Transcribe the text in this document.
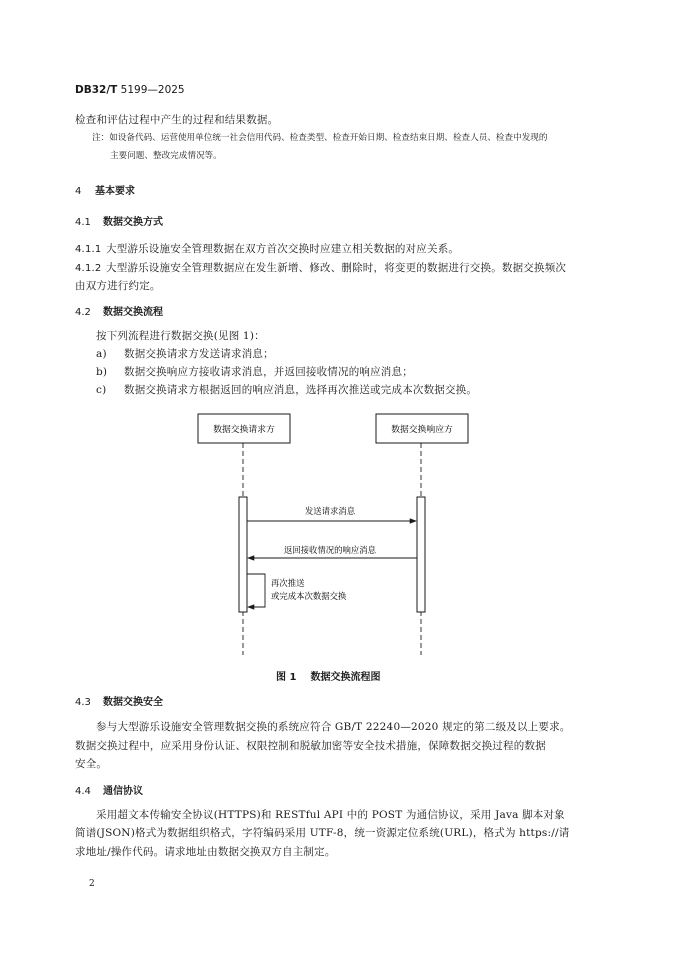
DB32/T 5199—2025
检查和评估过程中产生的过程和结果数据。
注：如设备代码、运营使用单位统一社会信用代码、检查类型、检查开始日期、检查结束日期、检查人员、检查中发现的
主要问题、整改完成情况等。
4 基本要求
4.1 数据交换方式
4.1.1 大型游乐设施安全管理数据在双方首次交换时应建立相关数据的对应关系。
4.1.2 大型游乐设施安全管理数据应在发生新增、修改、删除时，将变更的数据进行交换。数据交换频次
由双方进行约定。
4.2 数据交换流程
按下列流程进行数据交换(见图 1)：
a) 数据交换请求方发送请求消息；
b) 数据交换响应方接收请求消息，并返回接收情况的响应消息；
c) 数据交换请求方根据返回的响应消息，选择再次推送或完成本次数据交换。
数据交换请求方	数据交换响应方
发送请求消息
返回接收情况的响应消息
再次推送
或完成本次数据交换
图 1 数据交换流程图
4.3 数据交换安全
参与大型游乐设施安全管理数据交换的系统应符合 GB/T 22240—2020 规定的第二级及以上要求。
数据交换过程中，应采用身份认证、权限控制和脱敏加密等安全技术措施，保障数据交换过程的数据
安全。
4.4 通信协议
采用超文本传输安全协议(HTTPS)和 RESTful API 中的 POST 为通信协议，采用 Java 脚本对象
简谱(JSON)格式为数据组织格式，字符编码采用 UTF-8，统一资源定位系统(URL)，格式为 https://请
求地址/操作代码。请求地址由数据交换双方自主制定。
2
